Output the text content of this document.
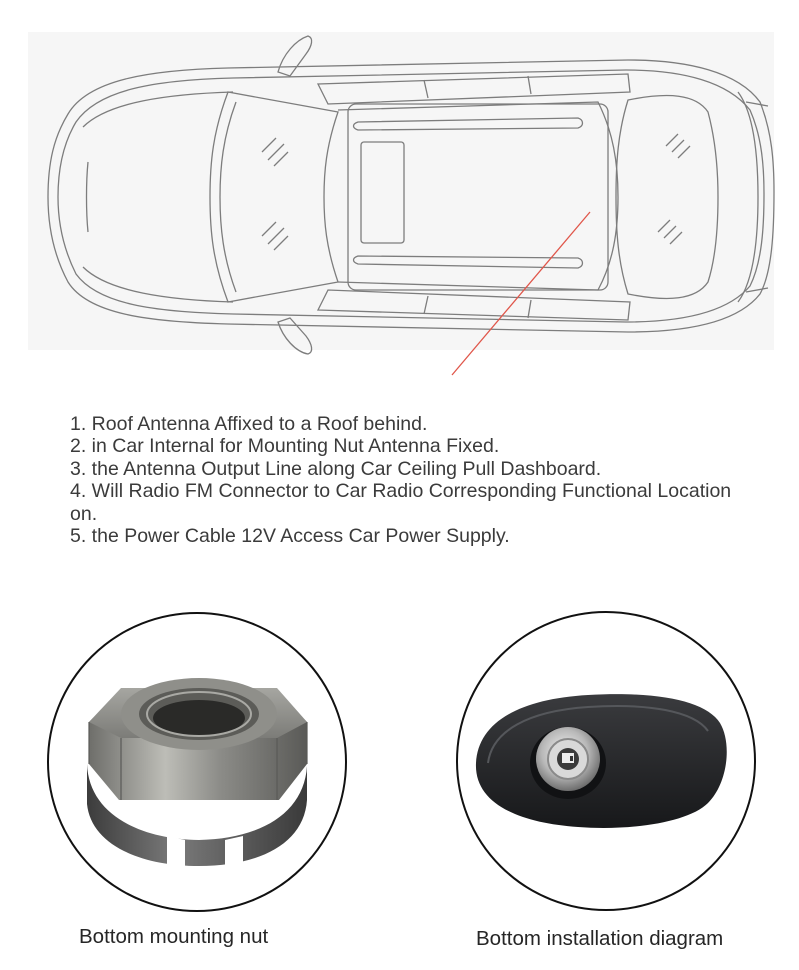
1. Roof Antenna Affixed to a Roof behind.
2. in Car Internal for Mounting Nut Antenna Fixed.
3. the Antenna Output Line along Car Ceiling Pull Dashboard.
4. Will Radio FM Connector to Car Radio Corresponding Functional Location on.
5. the Power Cable 12V Access Car Power Supply.
Bottom mounting nut	Bottom installation diagram
